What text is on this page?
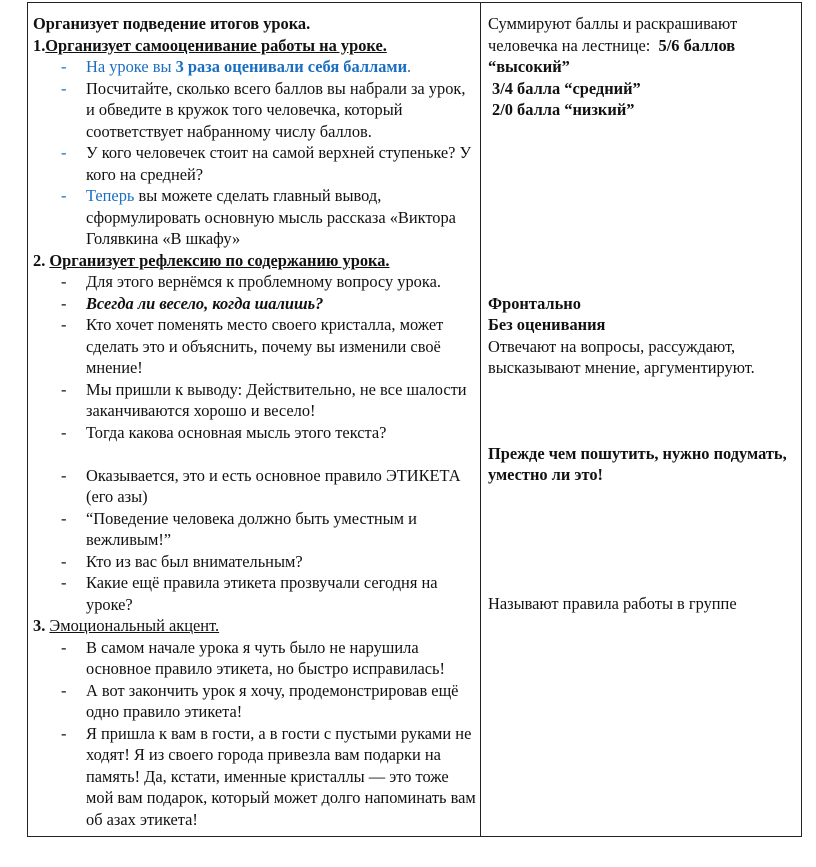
Организует подведение итогов урока.

1.Организует самооценивание работы на уроке.

- На уроке вы 3 раза оценивали себя баллами.
- Посчитайте, сколько всего баллов вы набрали за урок, и обведите в кружок того человечка, который соответствует набранному числу баллов.
- У кого человечек стоит на самой верхней ступеньке? У кого на средней?
- Теперь вы можете сделать главный вывод, сформулировать основную мысль рассказа «Виктора Голявкина «В шкафу»

2. Организует рефлексию по содержанию урока.

- Для этого вернёмся к проблемному вопросу урока.
- Всегда ли весело, когда шалишь?
- Кто хочет поменять место своего кристалла, может сделать это и объяснить, почему вы изменили своё мнение!
- Мы пришли к выводу: Действительно, не все шалости заканчиваются хорошо и весело!
- Тогда какова основная мысль этого текста?
- Оказывается, это и есть основное правило ЭТИКЕТА (его азы)
- “Поведение человека должно быть уместным и вежливым!”
- Кто из вас был внимательным?
- Какие ещё правила этикета прозвучали сегодня на уроке?

3. Эмоциональный акцент.

- В самом начале урока я чуть было не нарушила основное правило этикета, но быстро исправилась!
- А вот закончить урок я хочу, продемонстрировав ещё одно правило этикета!
- Я пришла к вам в гости, а в гости с пустыми руками не ходят! Я из своего города привезла вам подарки на память! Да, кстати, именные кристаллы — это тоже мой вам подарок, который может долго напоминать вам об азах этикета!

Суммируют баллы и раскрашивают человечка на лестнице: 5/6 баллов “высокий”

3/4 балла “средний”

2/0 балла “низкий”

Фронтально

Без оценивания

Отвечают на вопросы, рассуждают, высказывают мнение, аргументируют.

Прежде чем пошутить, нужно подумать, уместно ли это!

Называют правила работы в группе
